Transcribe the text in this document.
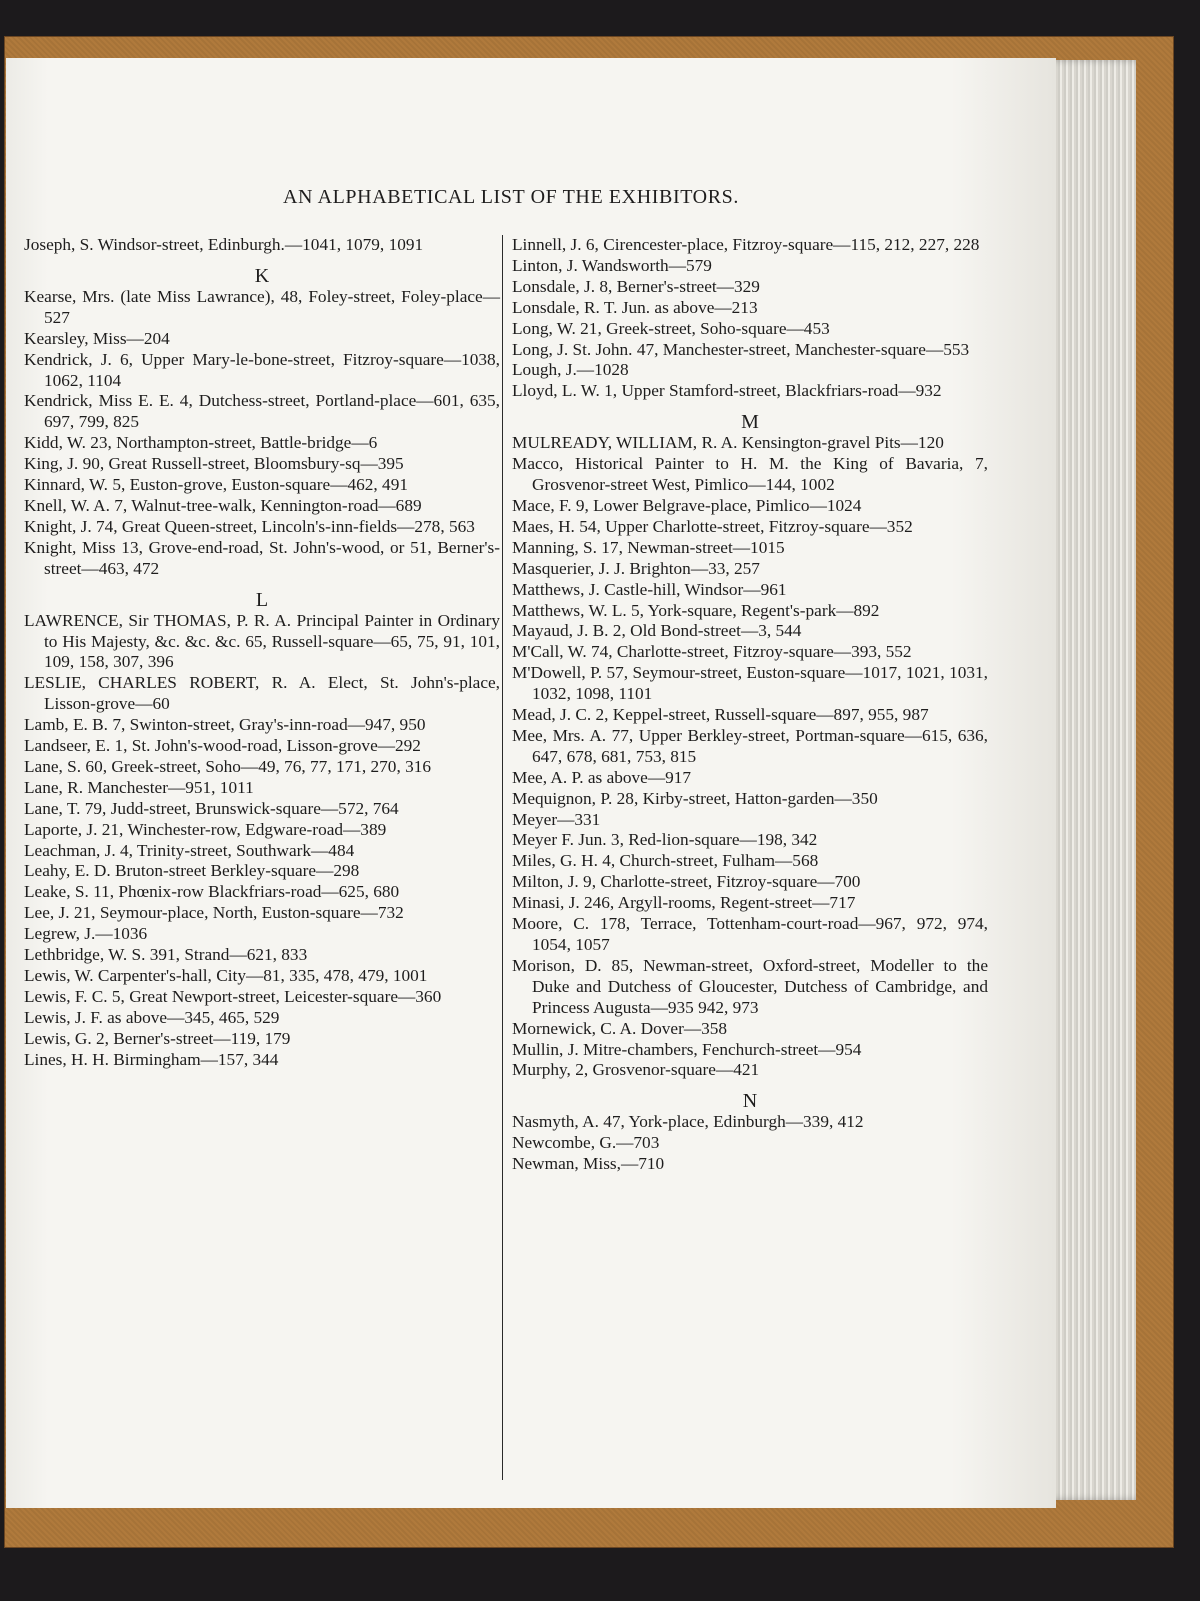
AN ALPHABETICAL LIST OF THE EXHIBITORS.
Joseph, S. Windsor-street, Edinburgh.—1041, 1079, 1091
K
Kearse, Mrs. (late Miss Lawrance), 48, Foley-street, Foley-place—527
Kearsley, Miss—204
Kendrick, J. 6, Upper Mary-le-bone-street, Fitzroy-square—1038, 1062, 1104
Kendrick, Miss E. E. 4, Dutchess-street, Portland-place—601, 635, 697, 799, 825
Kidd, W. 23, Northampton-street, Battle-bridge—6
King, J. 90, Great Russell-street, Bloomsbury-sq—395
Kinnard, W. 5, Euston-grove, Euston-square—462, 491
Knell, W. A. 7, Walnut-tree-walk, Kennington-road—689
Knight, J. 74, Great Queen-street, Lincoln's-inn-fields—278, 563
Knight, Miss 13, Grove-end-road, St. John's-wood, or 51, Berner's-street—463, 472
L
LAWRENCE, Sir THOMAS, P. R. A. Principal Painter in Ordinary to His Majesty, &c. &c. &c. 65, Russell-square—65, 75, 91, 101, 109, 158, 307, 396
LESLIE, CHARLES ROBERT, R. A. Elect, St. John's-place, Lisson-grove—60
Lamb, E. B. 7, Swinton-street, Gray's-inn-road—947, 950
Landseer, E. 1, St. John's-wood-road, Lisson-grove—292
Lane, S. 60, Greek-street, Soho—49, 76, 77, 171, 270, 316
Lane, R. Manchester—951, 1011
Lane, T. 79, Judd-street, Brunswick-square—572, 764
Laporte, J. 21, Winchester-row, Edgware-road—389
Leachman, J. 4, Trinity-street, Southwark—484
Leahy, E. D. Bruton-street Berkley-square—298
Leake, S. 11, Phœnix-row Blackfriars-road—625, 680
Lee, J. 21, Seymour-place, North, Euston-square—732
Legrew, J.—1036
Lethbridge, W. S. 391, Strand—621, 833
Lewis, W. Carpenter's-hall, City—81, 335, 478, 479, 1001
Lewis, F. C. 5, Great Newport-street, Leicester-square—360
Lewis, J. F. as above—345, 465, 529
Lewis, G. 2, Berner's-street—119, 179
Lines, H. H. Birmingham—157, 344
Linnell, J. 6, Cirencester-place, Fitzroy-square—115, 212, 227, 228
Linton, J. Wandsworth—579
Lonsdale, J. 8, Berner's-street—329
Lonsdale, R. T. Jun. as above—213
Long, W. 21, Greek-street, Soho-square—453
Long, J. St. John. 47, Manchester-street, Manchester-square—553
Lough, J.—1028
Lloyd, L. W. 1, Upper Stamford-street, Blackfriars-road—932
M
MULREADY, WILLIAM, R. A. Kensington-gravel Pits—120
Macco, Historical Painter to H. M. the King of Bavaria, 7, Grosvenor-street West, Pimlico—144, 1002
Mace, F. 9, Lower Belgrave-place, Pimlico—1024
Maes, H. 54, Upper Charlotte-street, Fitzroy-square—352
Manning, S. 17, Newman-street—1015
Masquerier, J. J. Brighton—33, 257
Matthews, J. Castle-hill, Windsor—961
Matthews, W. L. 5, York-square, Regent's-park—892
Mayaud, J. B. 2, Old Bond-street—3, 544
M'Call, W. 74, Charlotte-street, Fitzroy-square—393, 552
M'Dowell, P. 57, Seymour-street, Euston-square—1017, 1021, 1031, 1032, 1098, 1101
Mead, J. C. 2, Keppel-street, Russell-square—897, 955, 987
Mee, Mrs. A. 77, Upper Berkley-street, Portman-square—615, 636, 647, 678, 681, 753, 815
Mee, A. P. as above—917
Mequignon, P. 28, Kirby-street, Hatton-garden—350
Meyer—331
Meyer F. Jun. 3, Red-lion-square—198, 342
Miles, G. H. 4, Church-street, Fulham—568
Milton, J. 9, Charlotte-street, Fitzroy-square—700
Minasi, J. 246, Argyll-rooms, Regent-street—717
Moore, C. 178, Terrace, Tottenham-court-road—967, 972, 974, 1054, 1057
Morison, D. 85, Newman-street, Oxford-street, Modeller to the Duke and Dutchess of Gloucester, Dutchess of Cambridge, and Princess Augusta—935 942, 973
Mornewick, C. A. Dover—358
Mullin, J. Mitre-chambers, Fenchurch-street—954
Murphy, 2, Grosvenor-square—421
N
Nasmyth, A. 47, York-place, Edinburgh—339, 412
Newcombe, G.—703
Newman, Miss,—710
